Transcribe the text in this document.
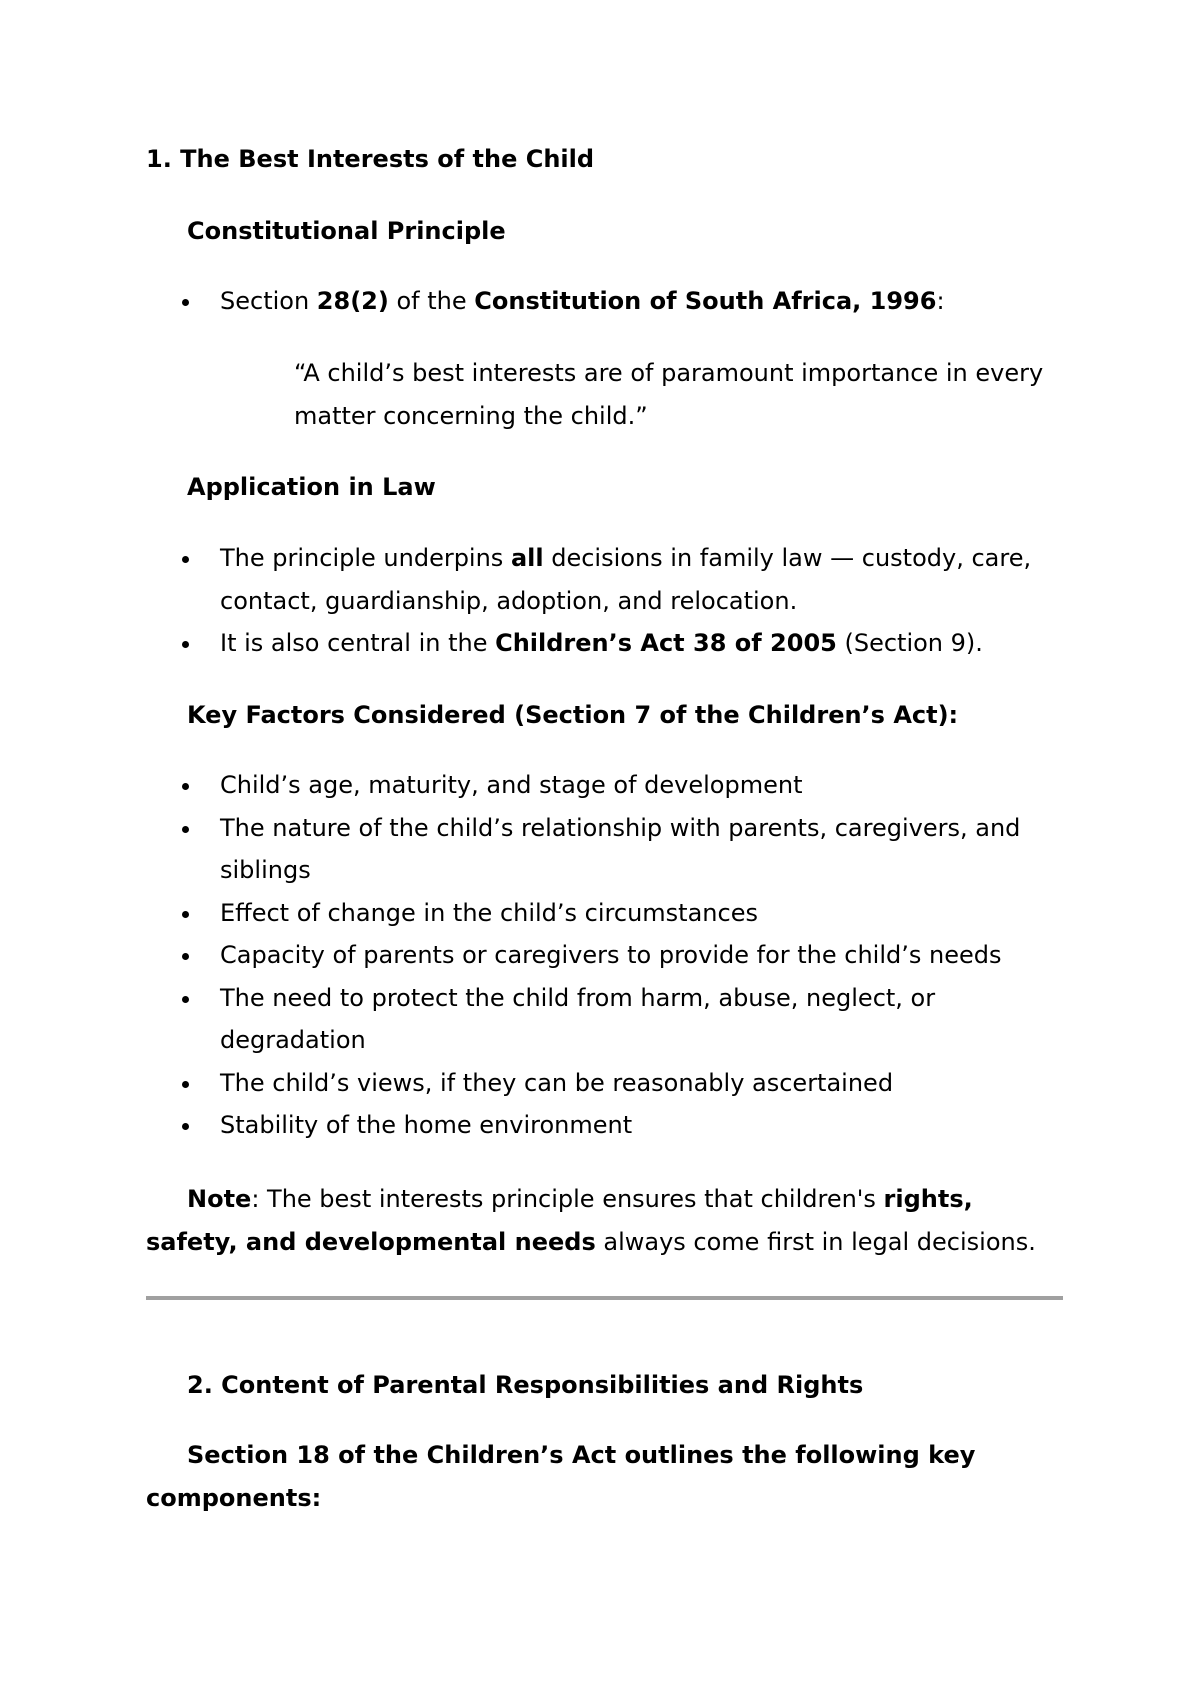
1. The Best Interests of the Child

Constitutional Principle

Section 28(2) of the Constitution of South Africa, 1996:
“A child’s best interests are of paramount importance in every
matter concerning the child.”

Application in Law

The principle underpins all decisions in family law — custody, care,
contact, guardianship, adoption, and relocation.
It is also central in the Children’s Act 38 of 2005 (Section 9).

Key Factors Considered (Section 7 of the Children’s Act):

Child’s age, maturity, and stage of development
The nature of the child’s relationship with parents, caregivers, and
siblings
Effect of change in the child’s circumstances
Capacity of parents or caregivers to provide for the child’s needs
The need to protect the child from harm, abuse, neglect, or
degradation
The child’s views, if they can be reasonably ascertained
Stability of the home environment
Note: The best interests principle ensures that children's rights,
safety, and developmental needs always come first in legal decisions.

2. Content of Parental Responsibilities and Rights

Section 18 of the Children’s Act outlines the following key
components:
